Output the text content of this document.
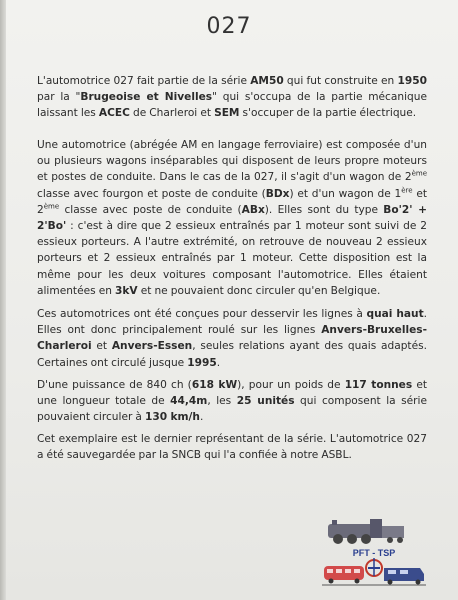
027
L'automotrice 027 fait partie de la série AM50 qui fut construite en 1950 par la "Brugeoise et Nivelles" qui s'occupa de la partie mécanique laissant les ACEC de Charleroi et SEM s'occuper de la partie électrique.
Une automotrice (abrégée AM en langage ferroviaire) est composée d'un ou plusieurs wagons inséparables qui disposent de leurs propre moteurs et postes de conduite. Dans le cas de la 027, il s'agit d'un wagon de 2ème classe avec fourgon et poste de conduite (BDx) et d'un wagon de 1ère et 2ème classe avec poste de conduite (ABx). Elles sont du type Bo'2' + 2'Bo' : c'est à dire que 2 essieux entraînés par 1 moteur sont suivi de 2 essieux porteurs. A l'autre extrémité, on retrouve de nouveau 2 essieux porteurs et 2 essieux entraînés par 1 moteur. Cette disposition est la même pour les deux voitures composant l'automotrice. Elles étaient alimentées en 3kV et ne pouvaient donc circuler qu'en Belgique.
Ces automotrices ont été conçues pour desservir les lignes à quai haut. Elles ont donc principalement roulé sur les lignes Anvers-Bruxelles-Charleroi et Anvers-Essen, seules relations ayant des quais adaptés. Certaines ont circulé jusque 1995.
D'une puissance de 840 ch (618 kW), pour un poids de 117 tonnes et une longueur totale de 44,4m, les 25 unités qui composent la série pouvaient circuler à 130 km/h.
Cet exemplaire est le dernier représentant de la série. L'automotrice 027 a été sauvegardée par la SNCB qui l'a confiée à notre ASBL.
PFT - TSP
